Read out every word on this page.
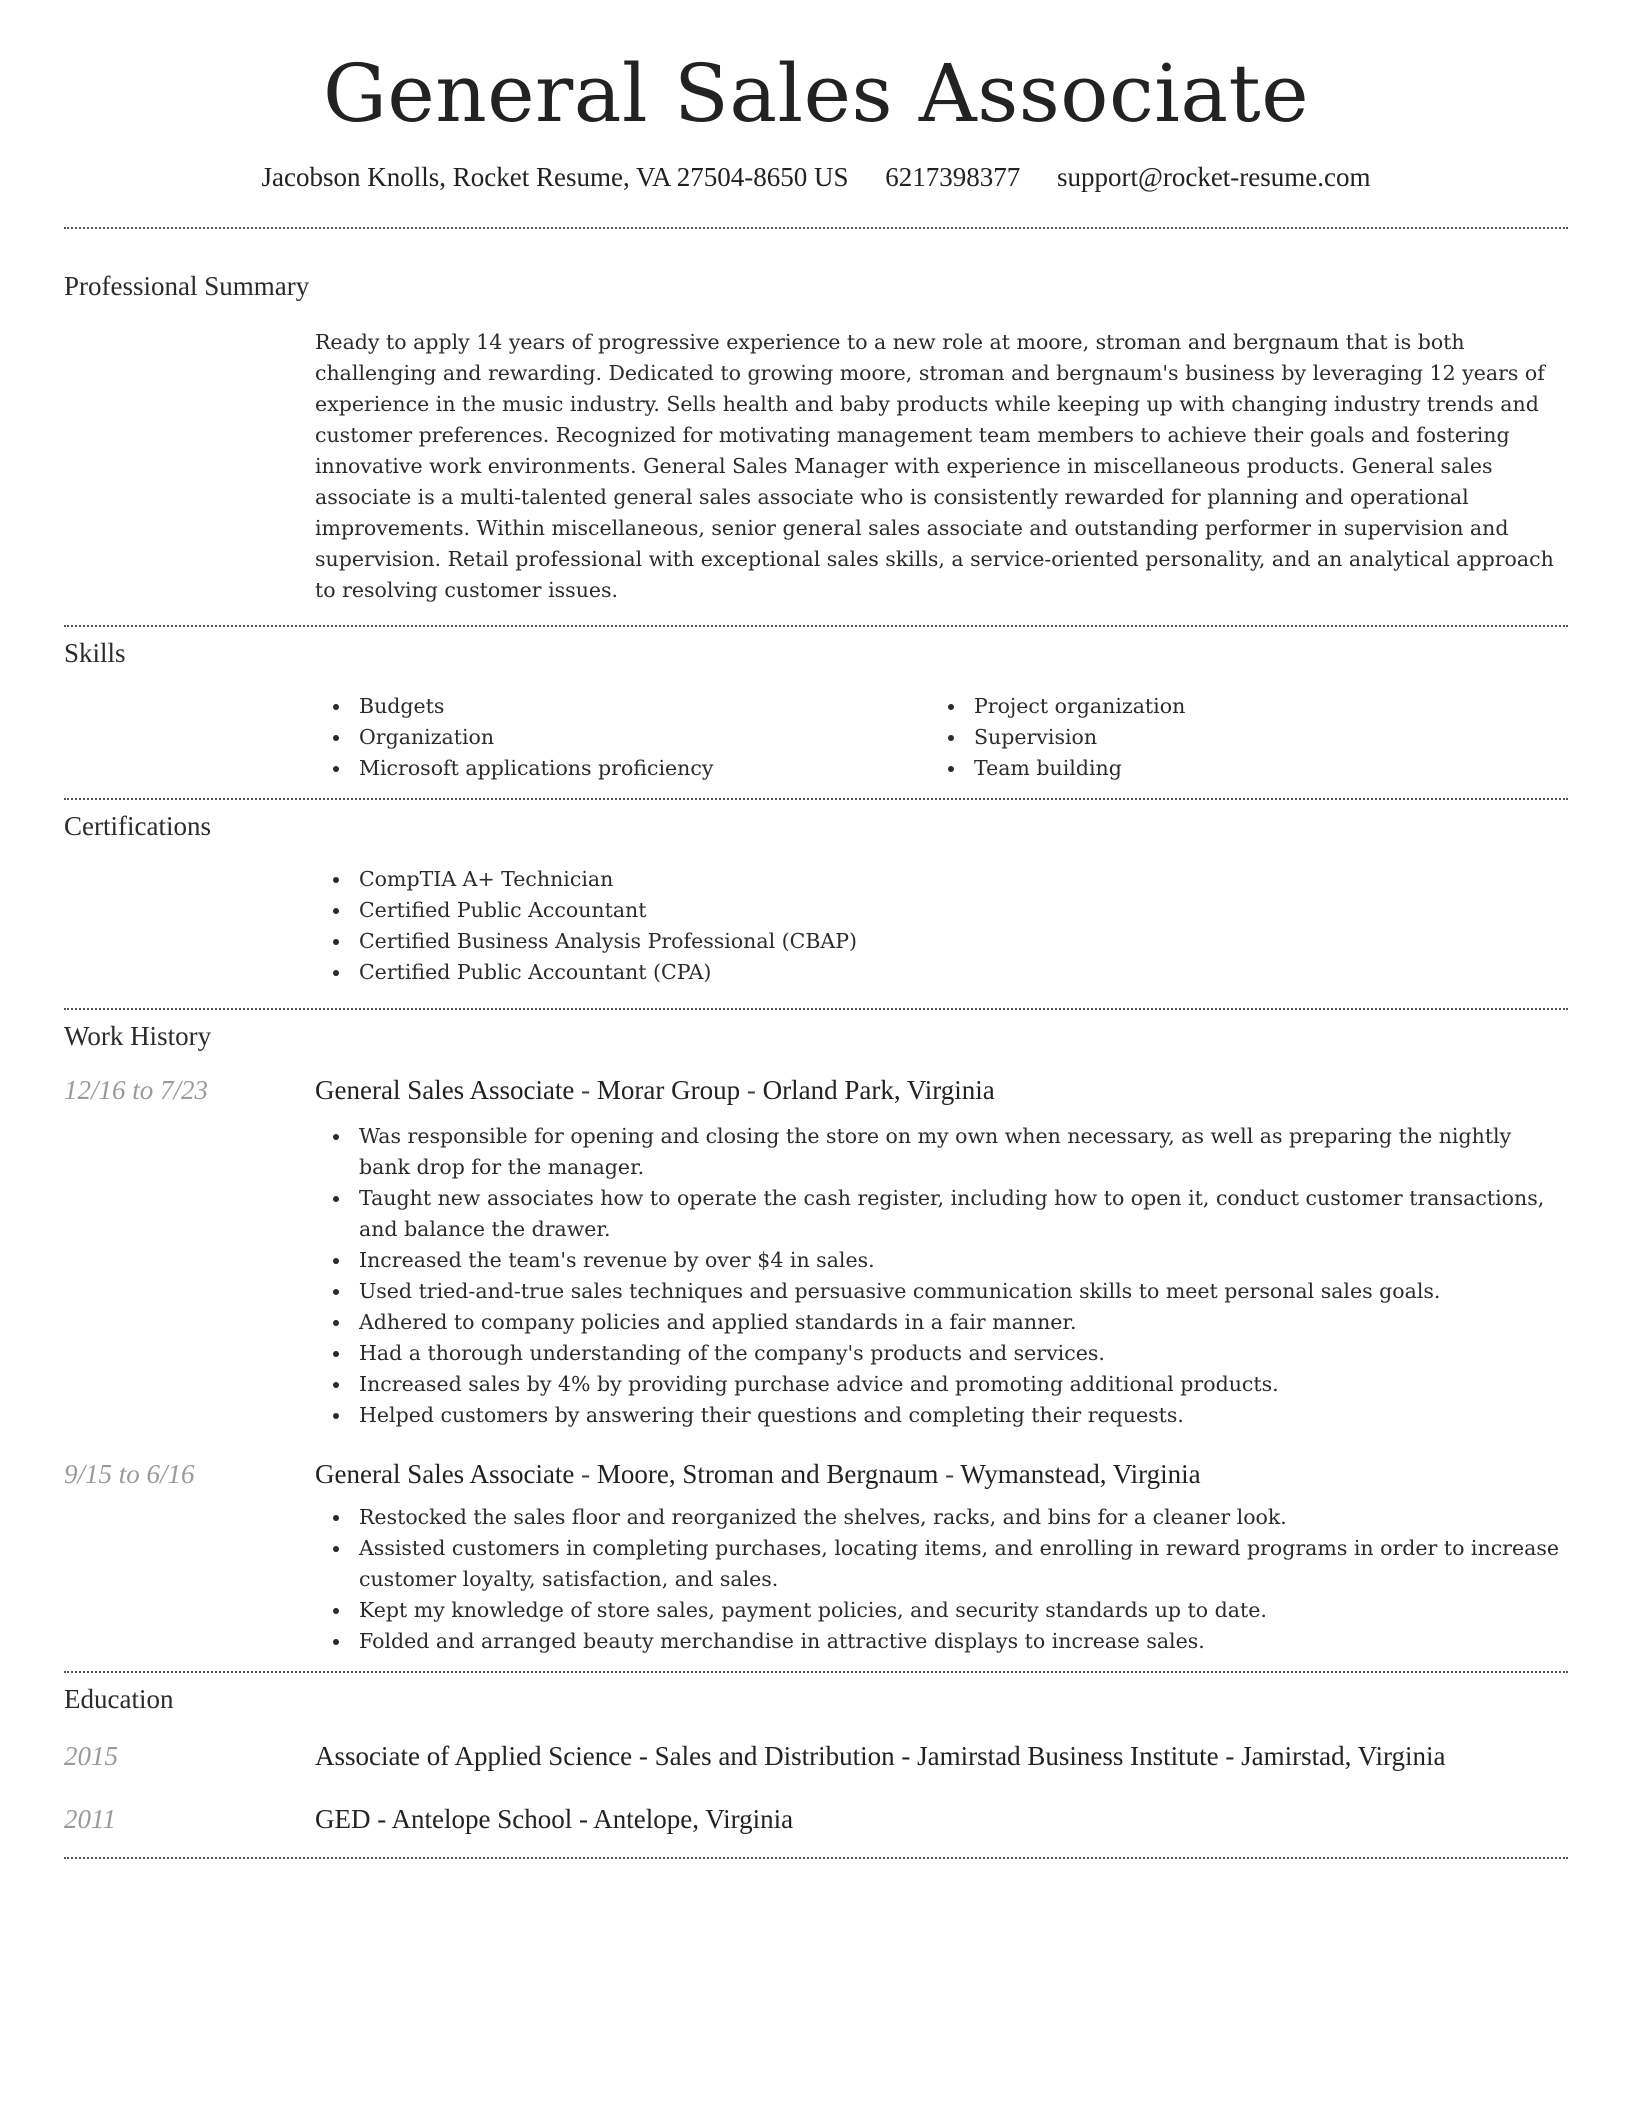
General Sales Associate
Jacobson Knolls, Rocket Resume, VA 27504-8650 US 6217398377 support@rocket-resume.com
Professional Summary

Ready to apply 14 years of progressive experience to a new role at moore, stroman and bergnaum that is both challenging and rewarding. Dedicated to growing moore, stroman and bergnaum's business by leveraging 12 years of experience in the music industry. Sells health and baby products while keeping up with changing industry trends and customer preferences. Recognized for motivating management team members to achieve their goals and fostering innovative work environments. General Sales Manager with experience in miscellaneous products. General sales associate is a multi-talented general sales associate who is consistently rewarded for planning and operational improvements. Within miscellaneous, senior general sales associate and outstanding performer in supervision and supervision. Retail professional with exceptional sales skills, a service-oriented personality, and an analytical approach to resolving customer issues.

Skills
Budgets
Organization
Microsoft applications proficiency
Project organization
Supervision
Team building
Certifications
CompTIA A+ Technician
Certified Public Accountant
Certified Business Analysis Professional (CBAP)
Certified Public Accountant (CPA)
Work History
12/16 to 7/23	General Sales Associate - Morar Group - Orland Park, Virginia
Was responsible for opening and closing the store on my own when necessary, as well as preparing the nightly bank drop for the manager.
Taught new associates how to operate the cash register, including how to open it, conduct customer transactions, and balance the drawer.
Increased the team's revenue by over $4 in sales.
Used tried-and-true sales techniques and persuasive communication skills to meet personal sales goals.
Adhered to company policies and applied standards in a fair manner.
Had a thorough understanding of the company's products and services.
Increased sales by 4% by providing purchase advice and promoting additional products.
Helped customers by answering their questions and completing their requests.
9/15 to 6/16	General Sales Associate - Moore, Stroman and Bergnaum - Wymanstead, Virginia
Restocked the sales floor and reorganized the shelves, racks, and bins for a cleaner look.
Assisted customers in completing purchases, locating items, and enrolling in reward programs in order to increase customer loyalty, satisfaction, and sales.
Kept my knowledge of store sales, payment policies, and security standards up to date.
Folded and arranged beauty merchandise in attractive displays to increase sales.
Education
2015	Associate of Applied Science - Sales and Distribution - Jamirstad Business Institute - Jamirstad, Virginia
2011	GED - Antelope School - Antelope, Virginia
